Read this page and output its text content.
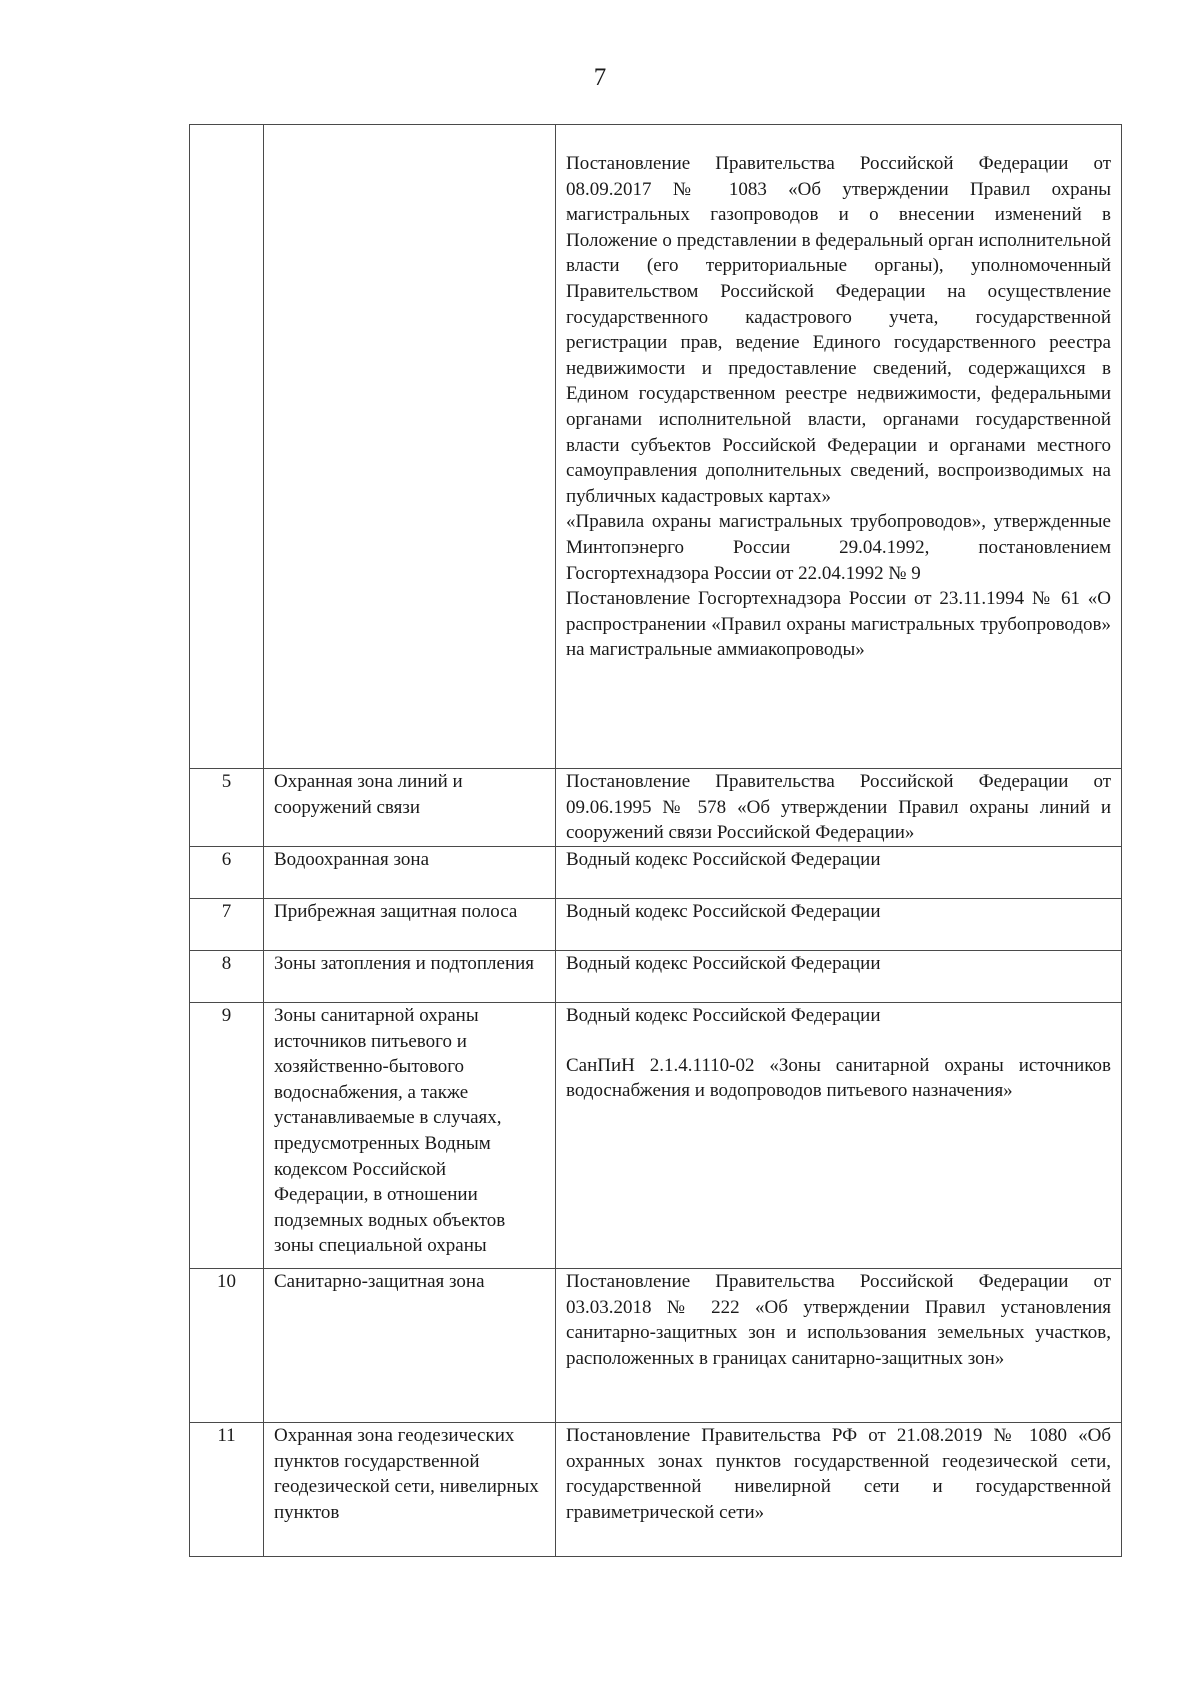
7

		Постановление Правительства Российской Федерации от 08.09.2017 № 1083 «Об утверждении Правил охраны магистральных газопроводов и о внесении изменений в Положение о представлении в федеральный орган исполнительной власти (его территориальные органы), уполномоченный Правительством Российской Федерации на осуществление государственного кадастрового учета, государственной регистрации прав, ведение Единого государственного реестра недвижимости и предоставление сведений, содержащихся в Едином государственном реестре недвижимости, федеральными органами исполнительной власти, органами государственной власти субъектов Российской Федерации и органами местного самоуправления дополнительных сведений, воспроизводимых на публичных кадастровых картах»

«Правила охраны магистральных трубопроводов», утвержденные Минтопэнерго России 29.04.1992, постановлением Госгортехнадзора России от 22.04.1992 № 9

Постановление Госгортехнадзора России от 23.11.1994 № 61 «О распространении «Правил охраны магистральных трубопроводов» на магистральные аммиакопроводы»

5	Охранная зона линий и сооружений связи	Постановление Правительства Российской Федерации от 09.06.1995 № 578 «Об утверждении Правил охраны линий и сооружений связи Российской Федерации»

6	Водоохранная зона	Водный кодекс Российской Федерации

7	Прибрежная защитная полоса	Водный кодекс Российской Федерации

8	Зоны затопления и подтопления	Водный кодекс Российской Федерации

9	Зоны санитарной охраны источников питьевого и хозяйственно-бытового водоснабжения, а также устанавливаемые в случаях, предусмотренных Водным кодексом Российской Федерации, в отношении подземных водных объектов зоны специальной охраны	Водный кодекс Российской Федерации

СанПиН 2.1.4.1110-02 «Зоны санитарной охраны источников водоснабжения и водопроводов питьевого назначения»

10	Санитарно-защитная зона	Постановление Правительства Российской Федерации от 03.03.2018 № 222 «Об утверждении Правил установления санитарно-защитных зон и использования земельных участков, расположенных в границах санитарно-защитных зон»

11	Охранная зона геодезических пунктов государственной геодезической сети, нивелирных пунктов	Постановление Правительства РФ от 21.08.2019 № 1080 «Об охранных зонах пунктов государственной геодезической сети, государственной нивелирной сети и государственной гравиметрической сети»
